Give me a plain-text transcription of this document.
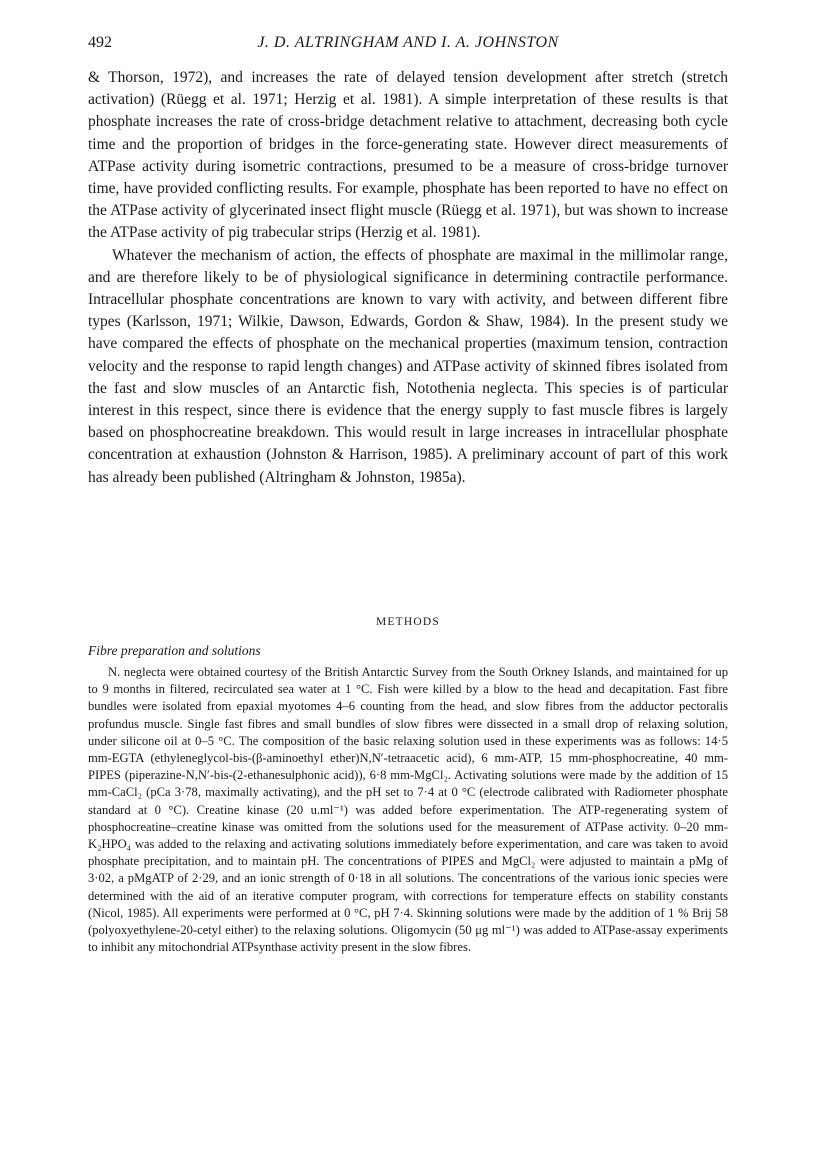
492	J. D. ALTRINGHAM AND I. A. JOHNSTON

& Thorson, 1972), and increases the rate of delayed tension development after stretch (stretch activation) (Rüegg et al. 1971; Herzig et al. 1981). A simple interpretation of these results is that phosphate increases the rate of cross-bridge detachment relative to attachment, decreasing both cycle time and the proportion of bridges in the force-generating state. However direct measurements of ATPase activity during isometric contractions, presumed to be a measure of cross-bridge turnover time, have provided conflicting results. For example, phosphate has been reported to have no effect on the ATPase activity of glycerinated insect flight muscle (Rüegg et al. 1971), but was shown to increase the ATPase activity of pig trabecular strips (Herzig et al. 1981).

Whatever the mechanism of action, the effects of phosphate are maximal in the millimolar range, and are therefore likely to be of physiological significance in determining contractile performance. Intracellular phosphate concentrations are known to vary with activity, and between different fibre types (Karlsson, 1971; Wilkie, Dawson, Edwards, Gordon & Shaw, 1984). In the present study we have compared the effects of phosphate on the mechanical properties (maximum tension, contraction velocity and the response to rapid length changes) and ATPase activity of skinned fibres isolated from the fast and slow muscles of an Antarctic fish, Notothenia neglecta. This species is of particular interest in this respect, since there is evidence that the energy supply to fast muscle fibres is largely based on phosphocreatine breakdown. This would result in large increases in intracellular phosphate concentration at exhaustion (Johnston & Harrison, 1985). A preliminary account of part of this work has already been published (Altringham & Johnston, 1985a).

METHODS
Fibre preparation and solutions

N. neglecta were obtained courtesy of the British Antarctic Survey from the South Orkney Islands, and maintained for up to 9 months in filtered, recirculated sea water at 1 °C. Fish were killed by a blow to the head and decapitation. Fast fibre bundles were isolated from epaxial myotomes 4–6 counting from the head, and slow fibres from the adductor pectoralis profundus muscle. Single fast fibres and small bundles of slow fibres were dissected in a small drop of relaxing solution, under silicone oil at 0–5 °C. The composition of the basic relaxing solution used in these experiments was as follows: 14·5 mm-EGTA (ethyleneglycol-bis-(β-aminoethyl ether)N,N′-tetraacetic acid), 6 mm-ATP, 15 mm-phosphocreatine, 40 mm-PIPES (piperazine-N,N′-bis-(2-ethanesulphonic acid)), 6·8 mm-MgCl₂. Activating solutions were made by the addition of 15 mm-CaCl₂ (pCa 3·78, maximally activating), and the pH set to 7·4 at 0 °C (electrode calibrated with Radiometer phosphate standard at 0 °C). Creatine kinase (20 u.ml⁻¹) was added before experimentation. The ATP-regenerating system of phosphocreatine–creatine kinase was omitted from the solutions used for the measurement of ATPase activity. 0–20 mm-K₂HPO₄ was added to the relaxing and activating solutions immediately before experimentation, and care was taken to avoid phosphate precipitation, and to maintain pH. The concentrations of PIPES and MgCl₂ were adjusted to maintain a pMg of 3·02, a pMgATP of 2·29, and an ionic strength of 0·18 in all solutions. The concentrations of the various ionic species were determined with the aid of an iterative computer program, with corrections for temperature effects on stability constants (Nicol, 1985). All experiments were performed at 0 °C, pH 7·4. Skinning solutions were made by the addition of 1 % Brij 58 (polyoxyethylene-20-cetyl either) to the relaxing solutions. Oligomycin (50 μg ml⁻¹) was added to ATPase-assay experiments to inhibit any mitochondrial ATPsynthase activity present in the slow fibres.
